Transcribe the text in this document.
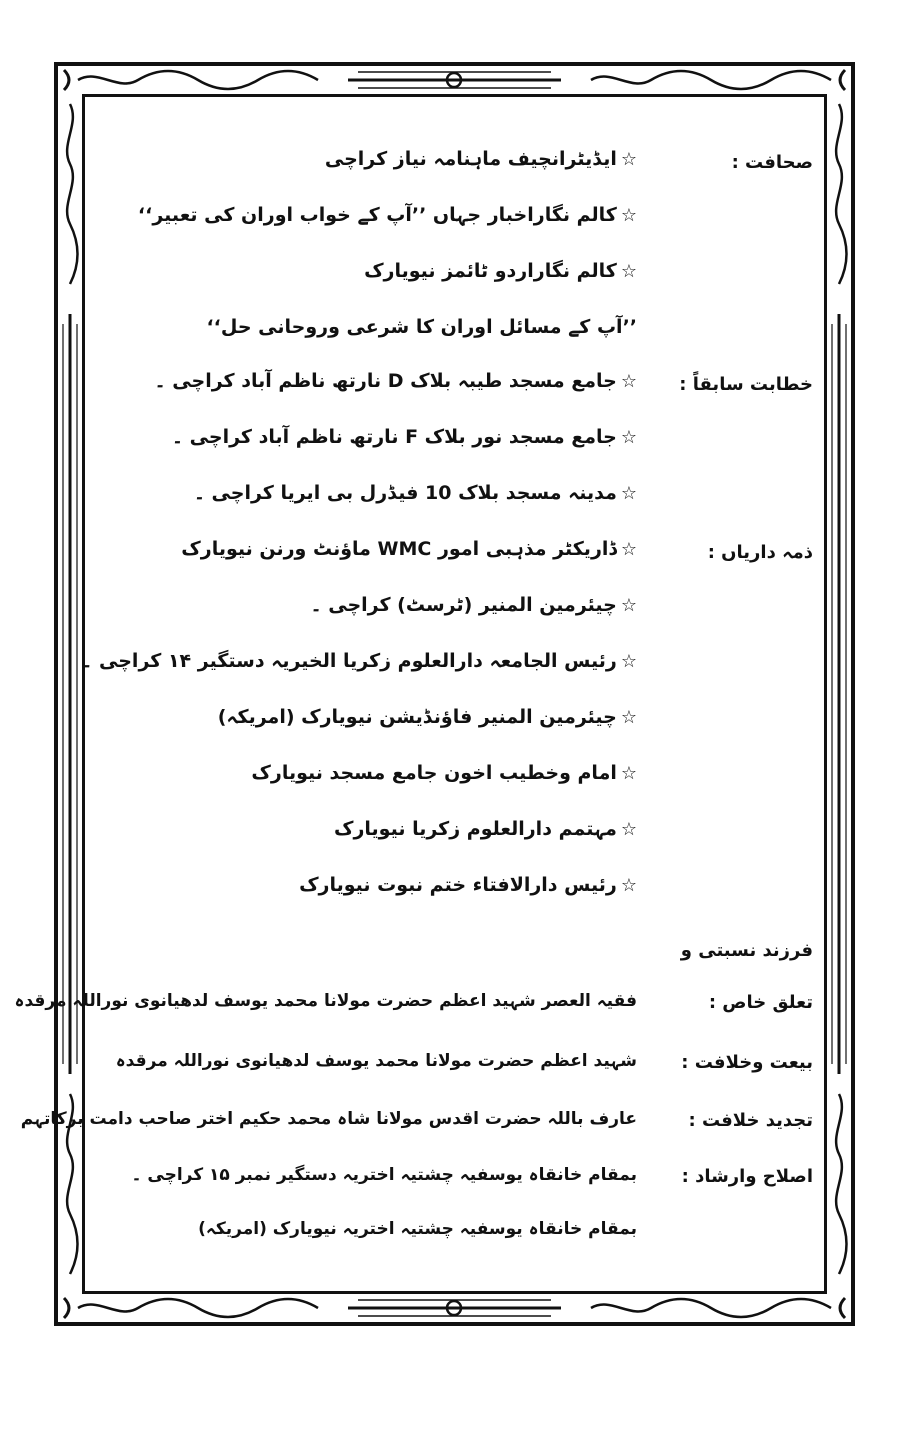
صحافت :
☆ایڈیٹرانچیف ماہنامہ نیاز کراچی
☆کالم نگاراخبار جہاں ’’آپ کے خواب اوران کی تعبیر‘‘
☆کالم نگاراردو ٹائمز نیویارک
’’آپ کے مسائل اوران کا شرعی وروحانی حل‘‘
خطابت سابقاً :
☆جامع مسجد طیبہ بلاک D نارتھ ناظم آباد کراچی ۔
☆جامع مسجد نور بلاک F نارتھ ناظم آباد کراچی ۔
☆مدینہ مسجد بلاک 10 فیڈرل بی ایریا کراچی ۔
ذمہ داریاں :
☆ڈاریکٹر مذہبی امور WMC ماؤنٹ ورنن نیویارک
☆چیئرمین المنیر (ٹرسٹ) کراچی ۔
☆رئیس الجامعہ دارالعلوم زکریا الخیریہ دستگیر ۱۴ کراچی ۔
☆چیئرمین المنیر فاؤنڈیشن نیویارک (امریکہ)
☆امام وخطیب اخون جامع مسجد نیویارک
☆مہتمم دارالعلوم زکریا نیویارک
☆رئیس دارالافتاء ختم نبوت نیویارک
فرزند نسبتی و
تعلق خاص :
فقیہ العصر شہید اعظم حضرت مولانا محمد یوسف لدھیانوی نوراللہ مرقدہ
بیعت وخلافت :
شہید اعظم حضرت مولانا محمد یوسف لدھیانوی نوراللہ مرقدہ
تجدید خلافت :
عارف باللہ حضرت اقدس مولانا شاہ محمد حکیم اختر صاحب دامت برکاتہم
اصلاح وارشاد :
بمقام خانقاہ یوسفیہ چشتیہ اختریہ دستگیر نمبر ۱۵ کراچی ۔
بمقام خانقاہ یوسفیہ چشتیہ اختریہ نیویارک (امریکہ)
